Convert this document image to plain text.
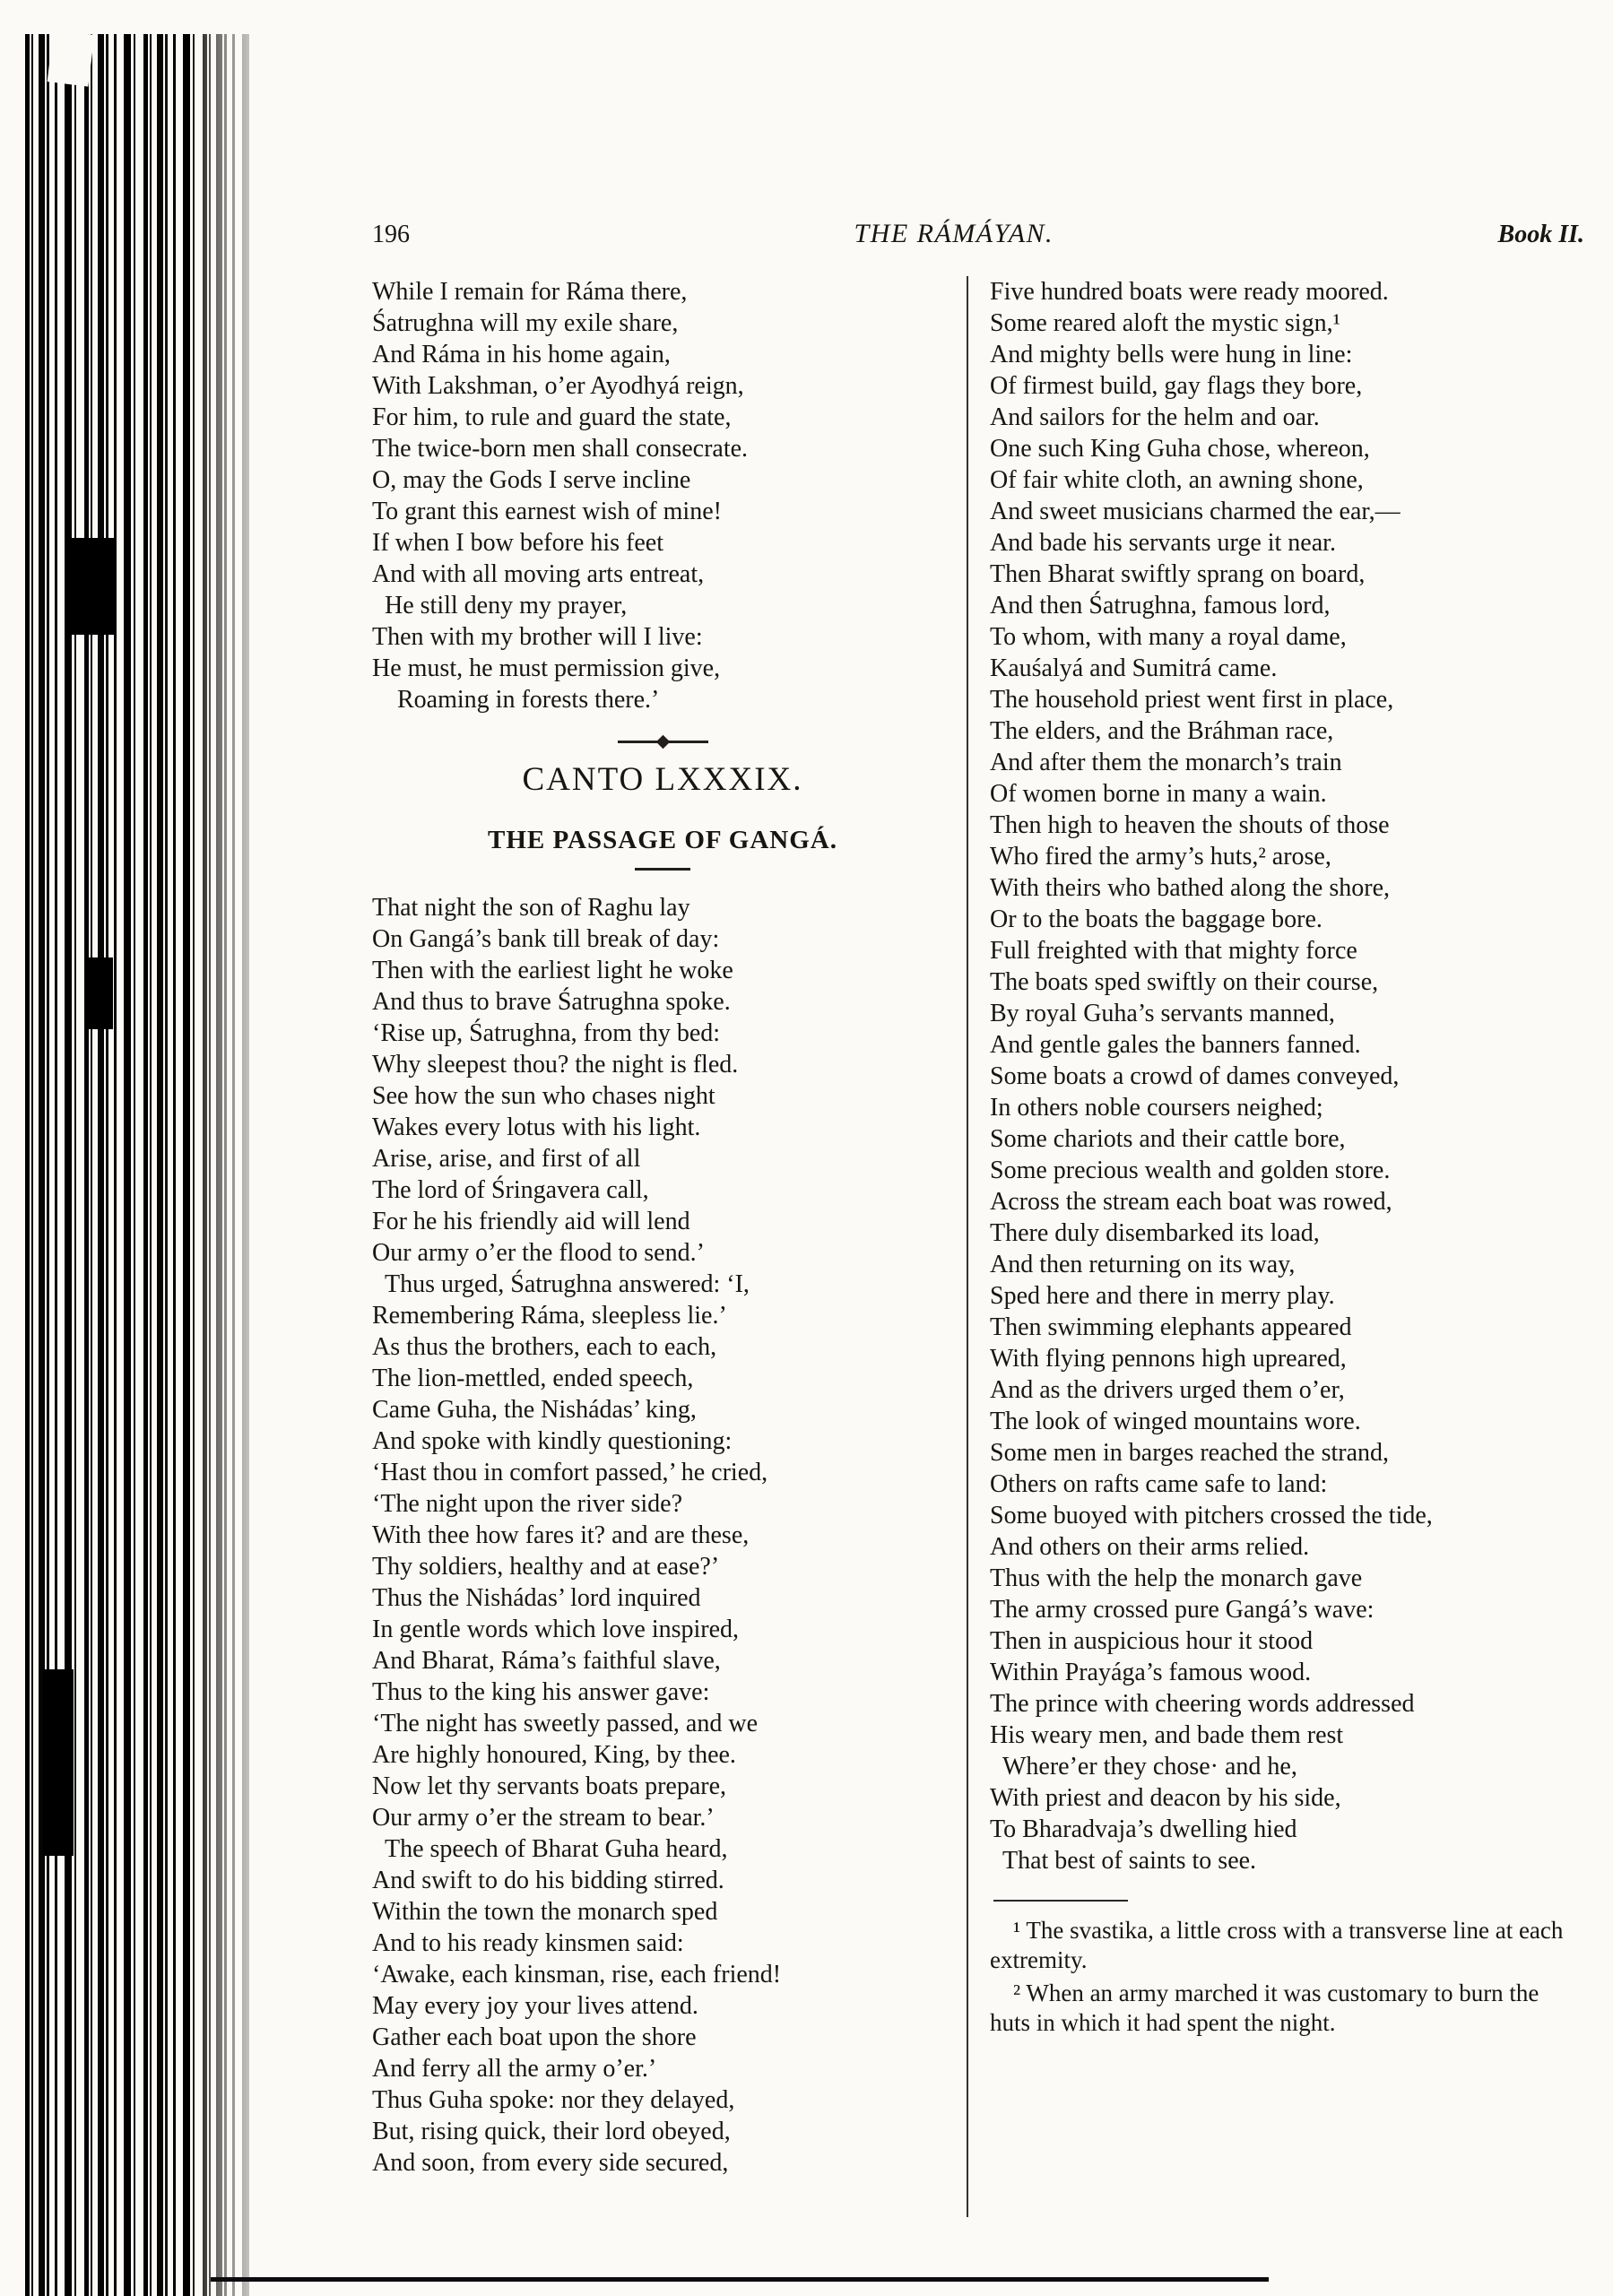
196	THE RÁMÁYAN.	Book II.
While I remain for Ráma there,
Śatrughna will my exile share,
And Ráma in his home again,
With Lakshman, o’er Ayodhyá reign,
For him, to rule and guard the state,
The twice-born men shall consecrate.
O, may the Gods I serve incline
To grant this earnest wish of mine!
If when I bow before his feet
And with all moving arts entreat,
He still deny my prayer,
Then with my brother will I live:
He must, he must permission give,
Roaming in forests there.’
CANTO LXXXIX.
THE PASSAGE OF GANGÁ.
That night the son of Raghu lay
On Gangá’s bank till break of day:
Then with the earliest light he woke
And thus to brave Śatrughna spoke.
‘Rise up, Śatrughna, from thy bed:
Why sleepest thou? the night is fled.
See how the sun who chases night
Wakes every lotus with his light.
Arise, arise, and first of all
The lord of Śringavera call,
For he his friendly aid will lend
Our army o’er the flood to send.’
Thus urged, Śatrughna answered: ‘I,
Remembering Ráma, sleepless lie.’
As thus the brothers, each to each,
The lion-mettled, ended speech,
Came Guha, the Nishádas’ king,
And spoke with kindly questioning:
‘Hast thou in comfort passed,’ he cried,
‘The night upon the river side?
With thee how fares it? and are these,
Thy soldiers, healthy and at ease?’
Thus the Nishádas’ lord inquired
In gentle words which love inspired,
And Bharat, Ráma’s faithful slave,
Thus to the king his answer gave:
‘The night has sweetly passed, and we
Are highly honoured, King, by thee.
Now let thy servants boats prepare,
Our army o’er the stream to bear.’
The speech of Bharat Guha heard,
And swift to do his bidding stirred.
Within the town the monarch sped
And to his ready kinsmen said:
‘Awake, each kinsman, rise, each friend!
May every joy your lives attend.
Gather each boat upon the shore
And ferry all the army o’er.’
Thus Guha spoke: nor they delayed,
But, rising quick, their lord obeyed,
And soon, from every side secured,
Five hundred boats were ready moored.
Some reared aloft the mystic sign,¹
And mighty bells were hung in line:
Of firmest build, gay flags they bore,
And sailors for the helm and oar.
One such King Guha chose, whereon,
Of fair white cloth, an awning shone,
And sweet musicians charmed the ear,—
And bade his servants urge it near.
Then Bharat swiftly sprang on board,
And then Śatrughna, famous lord,
To whom, with many a royal dame,
Kauśalyá and Sumitrá came.
The household priest went first in place,
The elders, and the Bráhman race,
And after them the monarch’s train
Of women borne in many a wain.
Then high to heaven the shouts of those
Who fired the army’s huts,² arose,
With theirs who bathed along the shore,
Or to the boats the baggage bore.
Full freighted with that mighty force
The boats sped swiftly on their course,
By royal Guha’s servants manned,
And gentle gales the banners fanned.
Some boats a crowd of dames conveyed,
In others noble coursers neighed;
Some chariots and their cattle bore,
Some precious wealth and golden store.
Across the stream each boat was rowed,
There duly disembarked its load,
And then returning on its way,
Sped here and there in merry play.
Then swimming elephants appeared
With flying pennons high upreared,
And as the drivers urged them o’er,
The look of winged mountains wore.
Some men in barges reached the strand,
Others on rafts came safe to land:
Some buoyed with pitchers crossed the tide,
And others on their arms relied.
Thus with the help the monarch gave
The army crossed pure Gangá’s wave:
Then in auspicious hour it stood
Within Prayága’s famous wood.
The prince with cheering words addressed
His weary men, and bade them rest
Where’er they chose· and he,
With priest and deacon by his side,
To Bharadvaja’s dwelling hied
That best of saints to see.
¹ The svastika, a little cross with a transverse line at each extremity.
² When an army marched it was customary to burn the huts in which it had spent the night.
